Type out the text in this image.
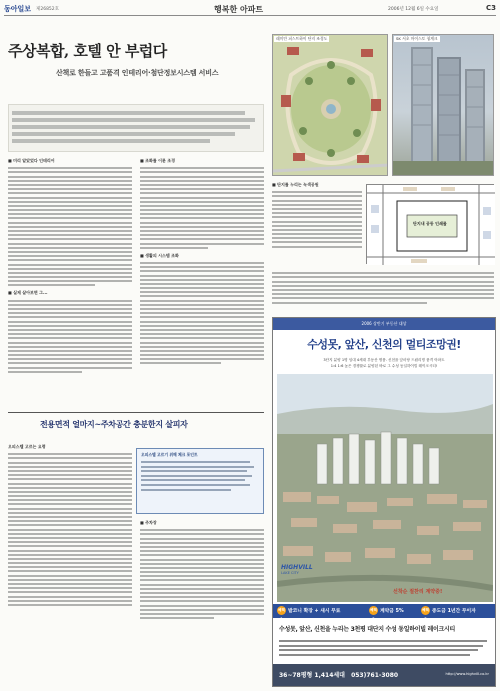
동아일보 제26852호	행복한 아파트	2006년 12월 6일 수요일	C3
주상복합, 호텔 안 부럽다
산책로 한들고 고품격 인테리어·첨단정보시스템 서비스
■ 미리 알았었다 인테리어
■ 실제 살아보면 그...
■ 조화를 이룬 조경
■ 생활의 시스템 조화
■ 단지를 누리는 녹색공원
래미안 퍼스트하이 단지 조경도	SK 서초 마이스토 청계크
단지내 공동 인쇄물
전용면적 얼마지~주차공간 충분한지 살피자
오피스텔 고르는 요령
오피스텔 고르기 위해 체크 포인트
■ 주차장
2006 상반기 부동산 대상
수성못, 앞산, 신천의 멀티조망권!
3단지 분양 1명 임대 4세대 부동산 명품. 신천을 앞마당 드림리빙 품격 아파트
1:4 1:6 높은 경쟁률로 분양된 바로 그 수성 동일하이빌 레이크시티!
HIGHVILL
LAKE CITY
선착순 절찬리 계약중!
혜택1발코니 확장 + 새시 무료	혜택2계약금 5%	혜택3중도금 1년간 무이자
수성못, 앞산, 신천을 누리는 3천평 대단지 수성 동일하이빌 레이크시티
36~78평형 1,414세대 053)761-3080	http://www.highvill.co.kr
